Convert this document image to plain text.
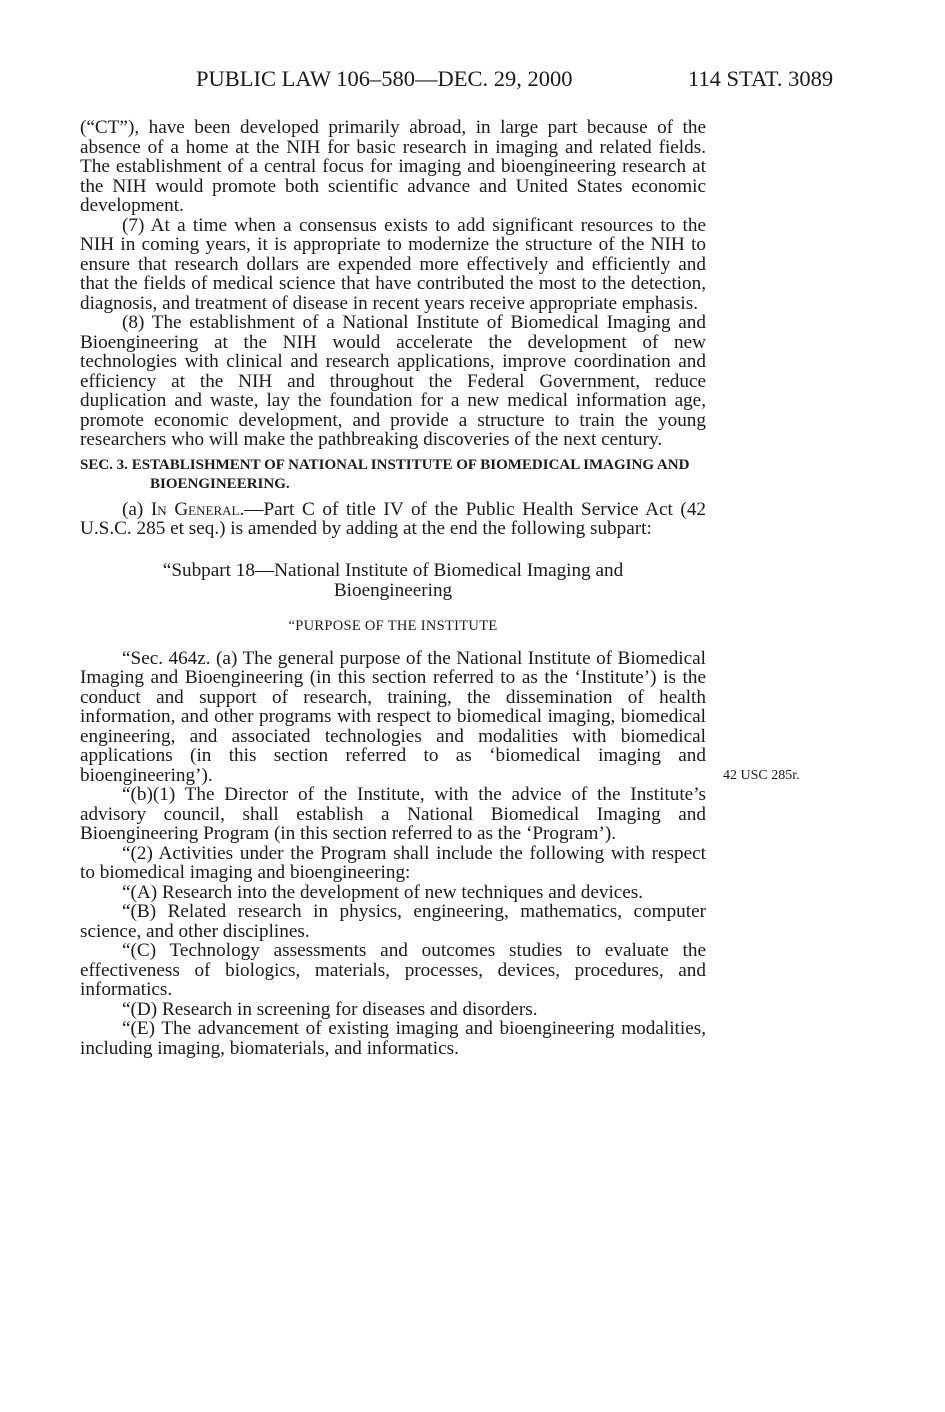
PUBLIC LAW 106–580—DEC. 29, 2000	114 STAT. 3089

(“CT”), have been developed primarily abroad, in large part because of the absence of a home at the NIH for basic research in imaging and related fields. The establishment of a central focus for imaging and bioengineering research at the NIH would promote both scientific advance and United States economic development.

(7) At a time when a consensus exists to add significant resources to the NIH in coming years, it is appropriate to modernize the structure of the NIH to ensure that research dollars are expended more effectively and efficiently and that the fields of medical science that have contributed the most to the detection, diagnosis, and treatment of disease in recent years receive appropriate emphasis.

(8) The establishment of a National Institute of Biomedical Imaging and Bioengineering at the NIH would accelerate the development of new technologies with clinical and research applications, improve coordination and efficiency at the NIH and throughout the Federal Government, reduce duplication and waste, lay the foundation for a new medical information age, promote economic development, and provide a structure to train the young researchers who will make the pathbreaking discoveries of the next century.

SEC. 3. ESTABLISHMENT OF NATIONAL INSTITUTE OF BIOMEDICAL IMAGING AND BIOENGINEERING.

(a) In General.—Part C of title IV of the Public Health Service Act (42 U.S.C. 285 et seq.) is amended by adding at the end the following subpart:

“Subpart 18—National Institute of Biomedical Imaging and
Bioengineering
“PURPOSE OF THE INSTITUTE

“Sec. 464z. (a) The general purpose of the National Institute of Biomedical Imaging and Bioengineering (in this section referred to as the ‘Institute’) is the conduct and support of research, training, the dissemination of health information, and other programs with respect to biomedical imaging, biomedical engineering, and associated technologies and modalities with biomedical applications (in this section referred to as ‘biomedical imaging and bioengineering’).

“(b)(1) The Director of the Institute, with the advice of the Institute’s advisory council, shall establish a National Biomedical Imaging and Bioengineering Program (in this section referred to as the ‘Program’).

“(2) Activities under the Program shall include the following with respect to biomedical imaging and bioengineering:

“(A) Research into the development of new techniques and devices.

“(B) Related research in physics, engineering, mathematics, computer science, and other disciplines.

“(C) Technology assessments and outcomes studies to evaluate the effectiveness of biologics, materials, processes, devices, procedures, and informatics.

“(D) Research in screening for diseases and disorders.

“(E) The advancement of existing imaging and bioengineering modalities, including imaging, biomaterials, and informatics.

42 USC 285r.
